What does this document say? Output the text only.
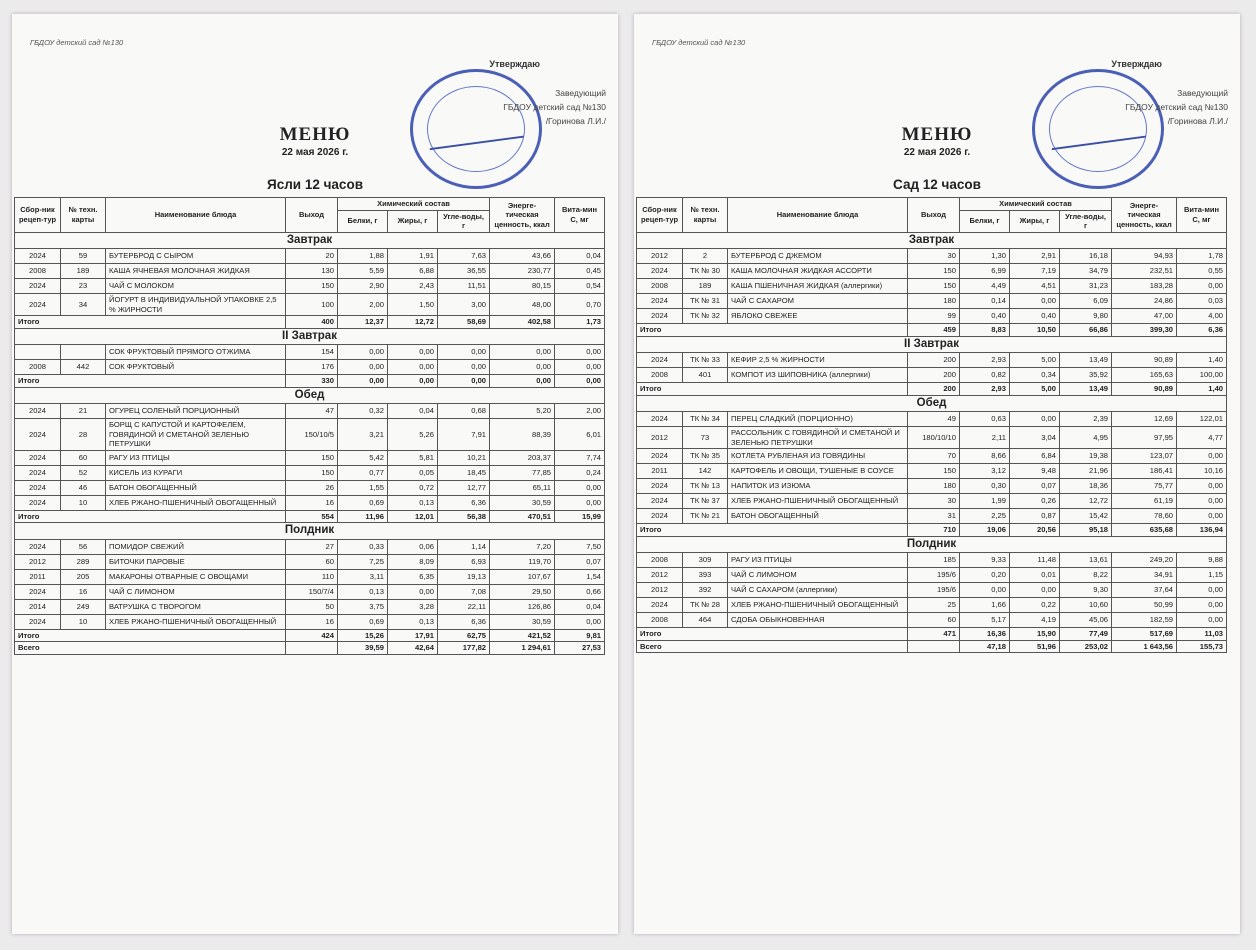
ГБДОУ детский сад №130
Утверждаю
Заведующий
ГБДОУ детский сад №130
/Горинова Л.И./
МЕНЮ
22 мая 2026 г.
Ясли 12 часов
Сбор-ник рецеп-тур	№ техн. карты	Наименование блюда	Выход	Химический состав			Энерге-тическая ценность, ккал	Вита-мин С, мг
				Белки, г	Жиры, г	Угле-воды, г		
Завтрак								
2024	59	БУТЕРБРОД С СЫРОМ	20	1,88	1,91	7,63	43,66	0,04
2008	189	КАША ЯЧНЕВАЯ МОЛОЧНАЯ ЖИДКАЯ	130	5,59	6,88	36,55	230,77	0,45
2024	23	ЧАЙ С МОЛОКОМ	150	2,90	2,43	11,51	80,15	0,54
2024	34	ЙОГУРТ В ИНДИВИДУАЛЬНОЙ УПАКОВКЕ 2,5 % ЖИРНОСТИ	100	2,00	1,50	3,00	48,00	0,70
Итого			400	12,37	12,72	58,69	402,58	1,73
II Завтрак								
		СОК ФРУКТОВЫЙ ПРЯМОГО ОТЖИМА	154	0,00	0,00	0,00	0,00	0,00
2008	442	СОК ФРУКТОВЫЙ	176	0,00	0,00	0,00	0,00	0,00
Итого			330	0,00	0,00	0,00	0,00	0,00
Обед								
2024	21	ОГУРЕЦ СОЛЕНЫЙ ПОРЦИОННЫЙ	47	0,32	0,04	0,68	5,20	2,00
2024	28	БОРЩ С КАПУСТОЙ И КАРТОФЕЛЕМ, ГОВЯДИНОЙ И СМЕТАНОЙ ЗЕЛЕНЬЮ ПЕТРУШКИ	150/10/5	3,21	5,26	7,91	88,39	6,01
2024	60	РАГУ ИЗ ПТИЦЫ	150	5,42	5,81	10,21	203,37	7,74
2024	52	КИСЕЛЬ ИЗ КУРАГИ	150	0,77	0,05	18,45	77,85	0,24
2024	46	БАТОН ОБОГАЩЕННЫЙ	26	1,55	0,72	12,77	65,11	0,00
2024	10	ХЛЕБ РЖАНО-ПШЕНИЧНЫЙ ОБОГАЩЕННЫЙ	16	0,69	0,13	6,36	30,59	0,00
Итого			554	11,96	12,01	56,38	470,51	15,99
Полдник								
2024	56	ПОМИДОР СВЕЖИЙ	27	0,33	0,06	1,14	7,20	7,50
2012	289	БИТОЧКИ ПАРОВЫЕ	60	7,25	8,09	6,93	119,70	0,07
2011	205	МАКАРОНЫ ОТВАРНЫЕ С ОВОЩАМИ	110	3,11	6,35	19,13	107,67	1,54
2024	16	ЧАЙ С ЛИМОНОМ	150/7/4	0,13	0,00	7,08	29,50	0,66
2014	249	ВАТРУШКА С ТВОРОГОМ	50	3,75	3,28	22,11	126,86	0,04
2024	10	ХЛЕБ РЖАНО-ПШЕНИЧНЫЙ ОБОГАЩЕННЫЙ	16	0,69	0,13	6,36	30,59	0,00
Итого			424	15,26	17,91	62,75	421,52	9,81
Всего				39,59	42,64	177,82	1 294,61	27,53
ГБДОУ детский сад №130
Утверждаю
Заведующий
ГБДОУ детский сад №130
/Горинова Л.И./
МЕНЮ
22 мая 2026 г.
Сад 12 часов
Сбор-ник рецеп-тур	№ техн. карты	Наименование блюда	Выход	Химический состав			Энерге-тическая ценность, ккал	Вита-мин С, мг
				Белки, г	Жиры, г	Угле-воды, г		
Завтрак								
2012	2	БУТЕРБРОД С ДЖЕМОМ	30	1,30	2,91	16,18	94,93	1,78
2024	ТК № 30	КАША МОЛОЧНАЯ ЖИДКАЯ АССОРТИ	150	6,99	7,19	34,79	232,51	0,55
2008	189	КАША ПШЕНИЧНАЯ ЖИДКАЯ (аллергики)	150	4,49	4,51	31,23	183,28	0,00
2024	ТК № 31	ЧАЙ С САХАРОМ	180	0,14	0,00	6,09	24,86	0,03
2024	ТК № 32	ЯБЛОКО СВЕЖЕЕ	99	0,40	0,40	9,80	47,00	4,00
Итого			459	8,83	10,50	66,86	399,30	6,36
II Завтрак								
2024	ТК № 33	КЕФИР 2,5 % ЖИРНОСТИ	200	2,93	5,00	13,49	90,89	1,40
2008	401	КОМПОТ ИЗ ШИПОВНИКА (аллергики)	200	0,82	0,34	35,92	165,63	100,00
Итого			200	2,93	5,00	13,49	90,89	1,40
Обед								
2024	ТК № 34	ПЕРЕЦ СЛАДКИЙ (ПОРЦИОННО)	49	0,63	0,00	2,39	12,69	122,01
2012	73	РАССОЛЬНИК С ГОВЯДИНОЙ И СМЕТАНОЙ И ЗЕЛЕНЬЮ ПЕТРУШКИ	180/10/10	2,11	3,04	4,95	97,95	4,77
2024	ТК № 35	КОТЛЕТА РУБЛЕНАЯ ИЗ ГОВЯДИНЫ	70	8,66	6,84	19,38	123,07	0,00
2011	142	КАРТОФЕЛЬ И ОВОЩИ, ТУШЕНЫЕ В СОУСЕ	150	3,12	9,48	21,96	186,41	10,16
2024	ТК № 13	НАПИТОК ИЗ ИЗЮМА	180	0,30	0,07	18,36	75,77	0,00
2024	ТК № 37	ХЛЕБ РЖАНО-ПШЕНИЧНЫЙ ОБОГАЩЕННЫЙ	30	1,99	0,26	12,72	61,19	0,00
2024	ТК № 21	БАТОН ОБОГАЩЕННЫЙ	31	2,25	0,87	15,42	78,60	0,00
Итого			710	19,06	20,56	95,18	635,68	136,94
Полдник								
2008	309	РАГУ ИЗ ПТИЦЫ	185	9,33	11,48	13,61	249,20	9,88
2012	393	ЧАЙ С ЛИМОНОМ	195/6	0,20	0,01	8,22	34,91	1,15
2012	392	ЧАЙ С САХАРОМ (аллергики)	195/6	0,00	0,00	9,30	37,64	0,00
2024	ТК № 28	ХЛЕБ РЖАНО-ПШЕНИЧНЫЙ ОБОГАЩЕННЫЙ	25	1,66	0,22	10,60	50,99	0,00
2008	464	СДОБА ОБЫКНОВЕННАЯ	60	5,17	4,19	45,06	182,59	0,00
Итого			471	16,36	15,90	77,49	517,69	11,03
Всего				47,18	51,96	253,02	1 643,56	155,73
